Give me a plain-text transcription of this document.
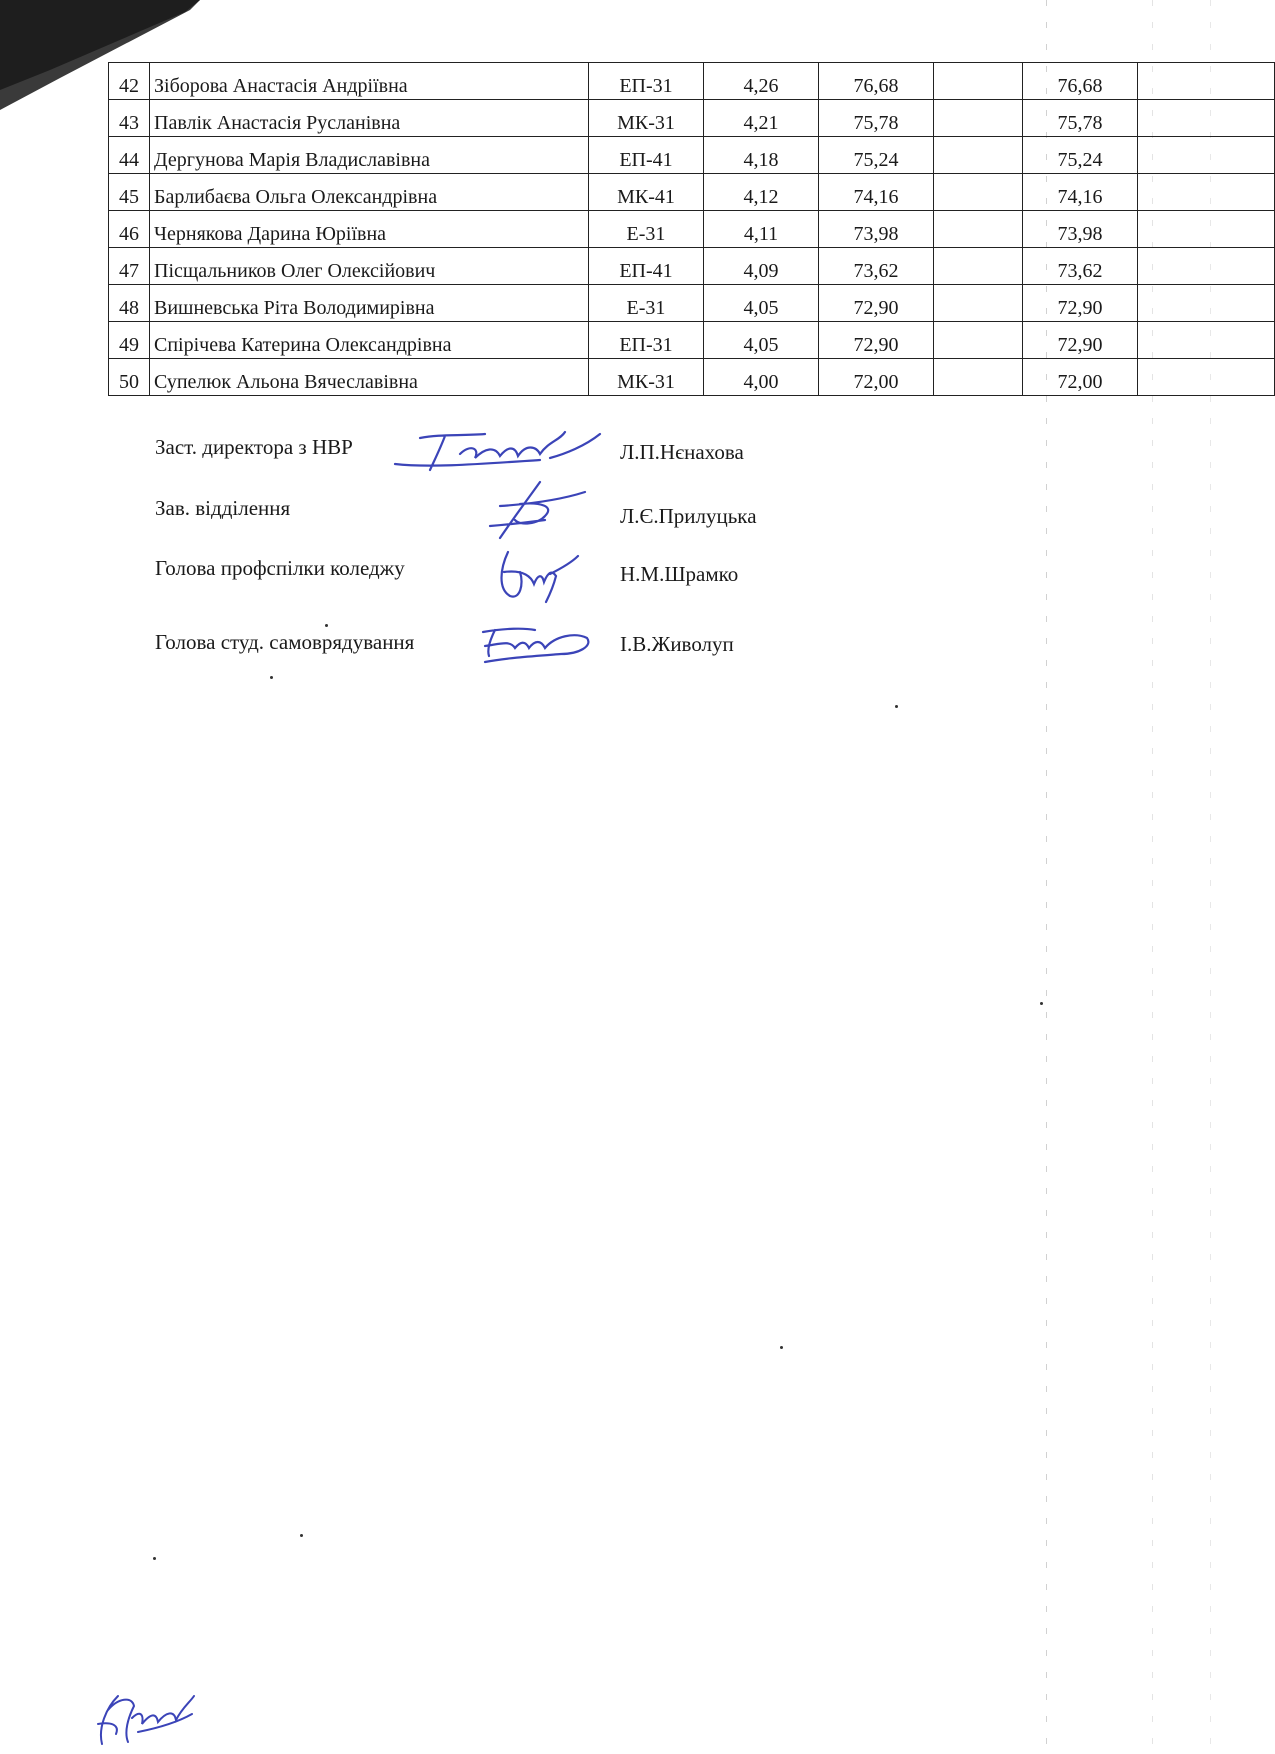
42	Зіборова Анастасія Андріївна	ЕП-31	4,26	76,68		76,68	
43	Павлік Анастасія Русланівна	МК-31	4,21	75,78		75,78	
44	Дергунова Марія Владиславівна	ЕП-41	4,18	75,24		75,24	
45	Барлибаєва Ольга Олександрівна	МК-41	4,12	74,16		74,16	
46	Чернякова Дарина Юріївна	Е-31	4,11	73,98		73,98	
47	Пісщальников Олег Олексійович	ЕП-41	4,09	73,62		73,62	
48	Вишневська Ріта Володимирівна	Е-31	4,05	72,90		72,90	
49	Спірічева Катерина Олександрівна	ЕП-31	4,05	72,90		72,90	
50	Супелюк Альона Вячеславівна	МК-31	4,00	72,00		72,00	
Заст. директора з НВР	Л.П.Нєнахова
Зав. відділення	Л.Є.Прилуцька
Голова профспілки коледжу	Н.М.Шрамко
Голова студ. самоврядування	І.В.Живолуп
